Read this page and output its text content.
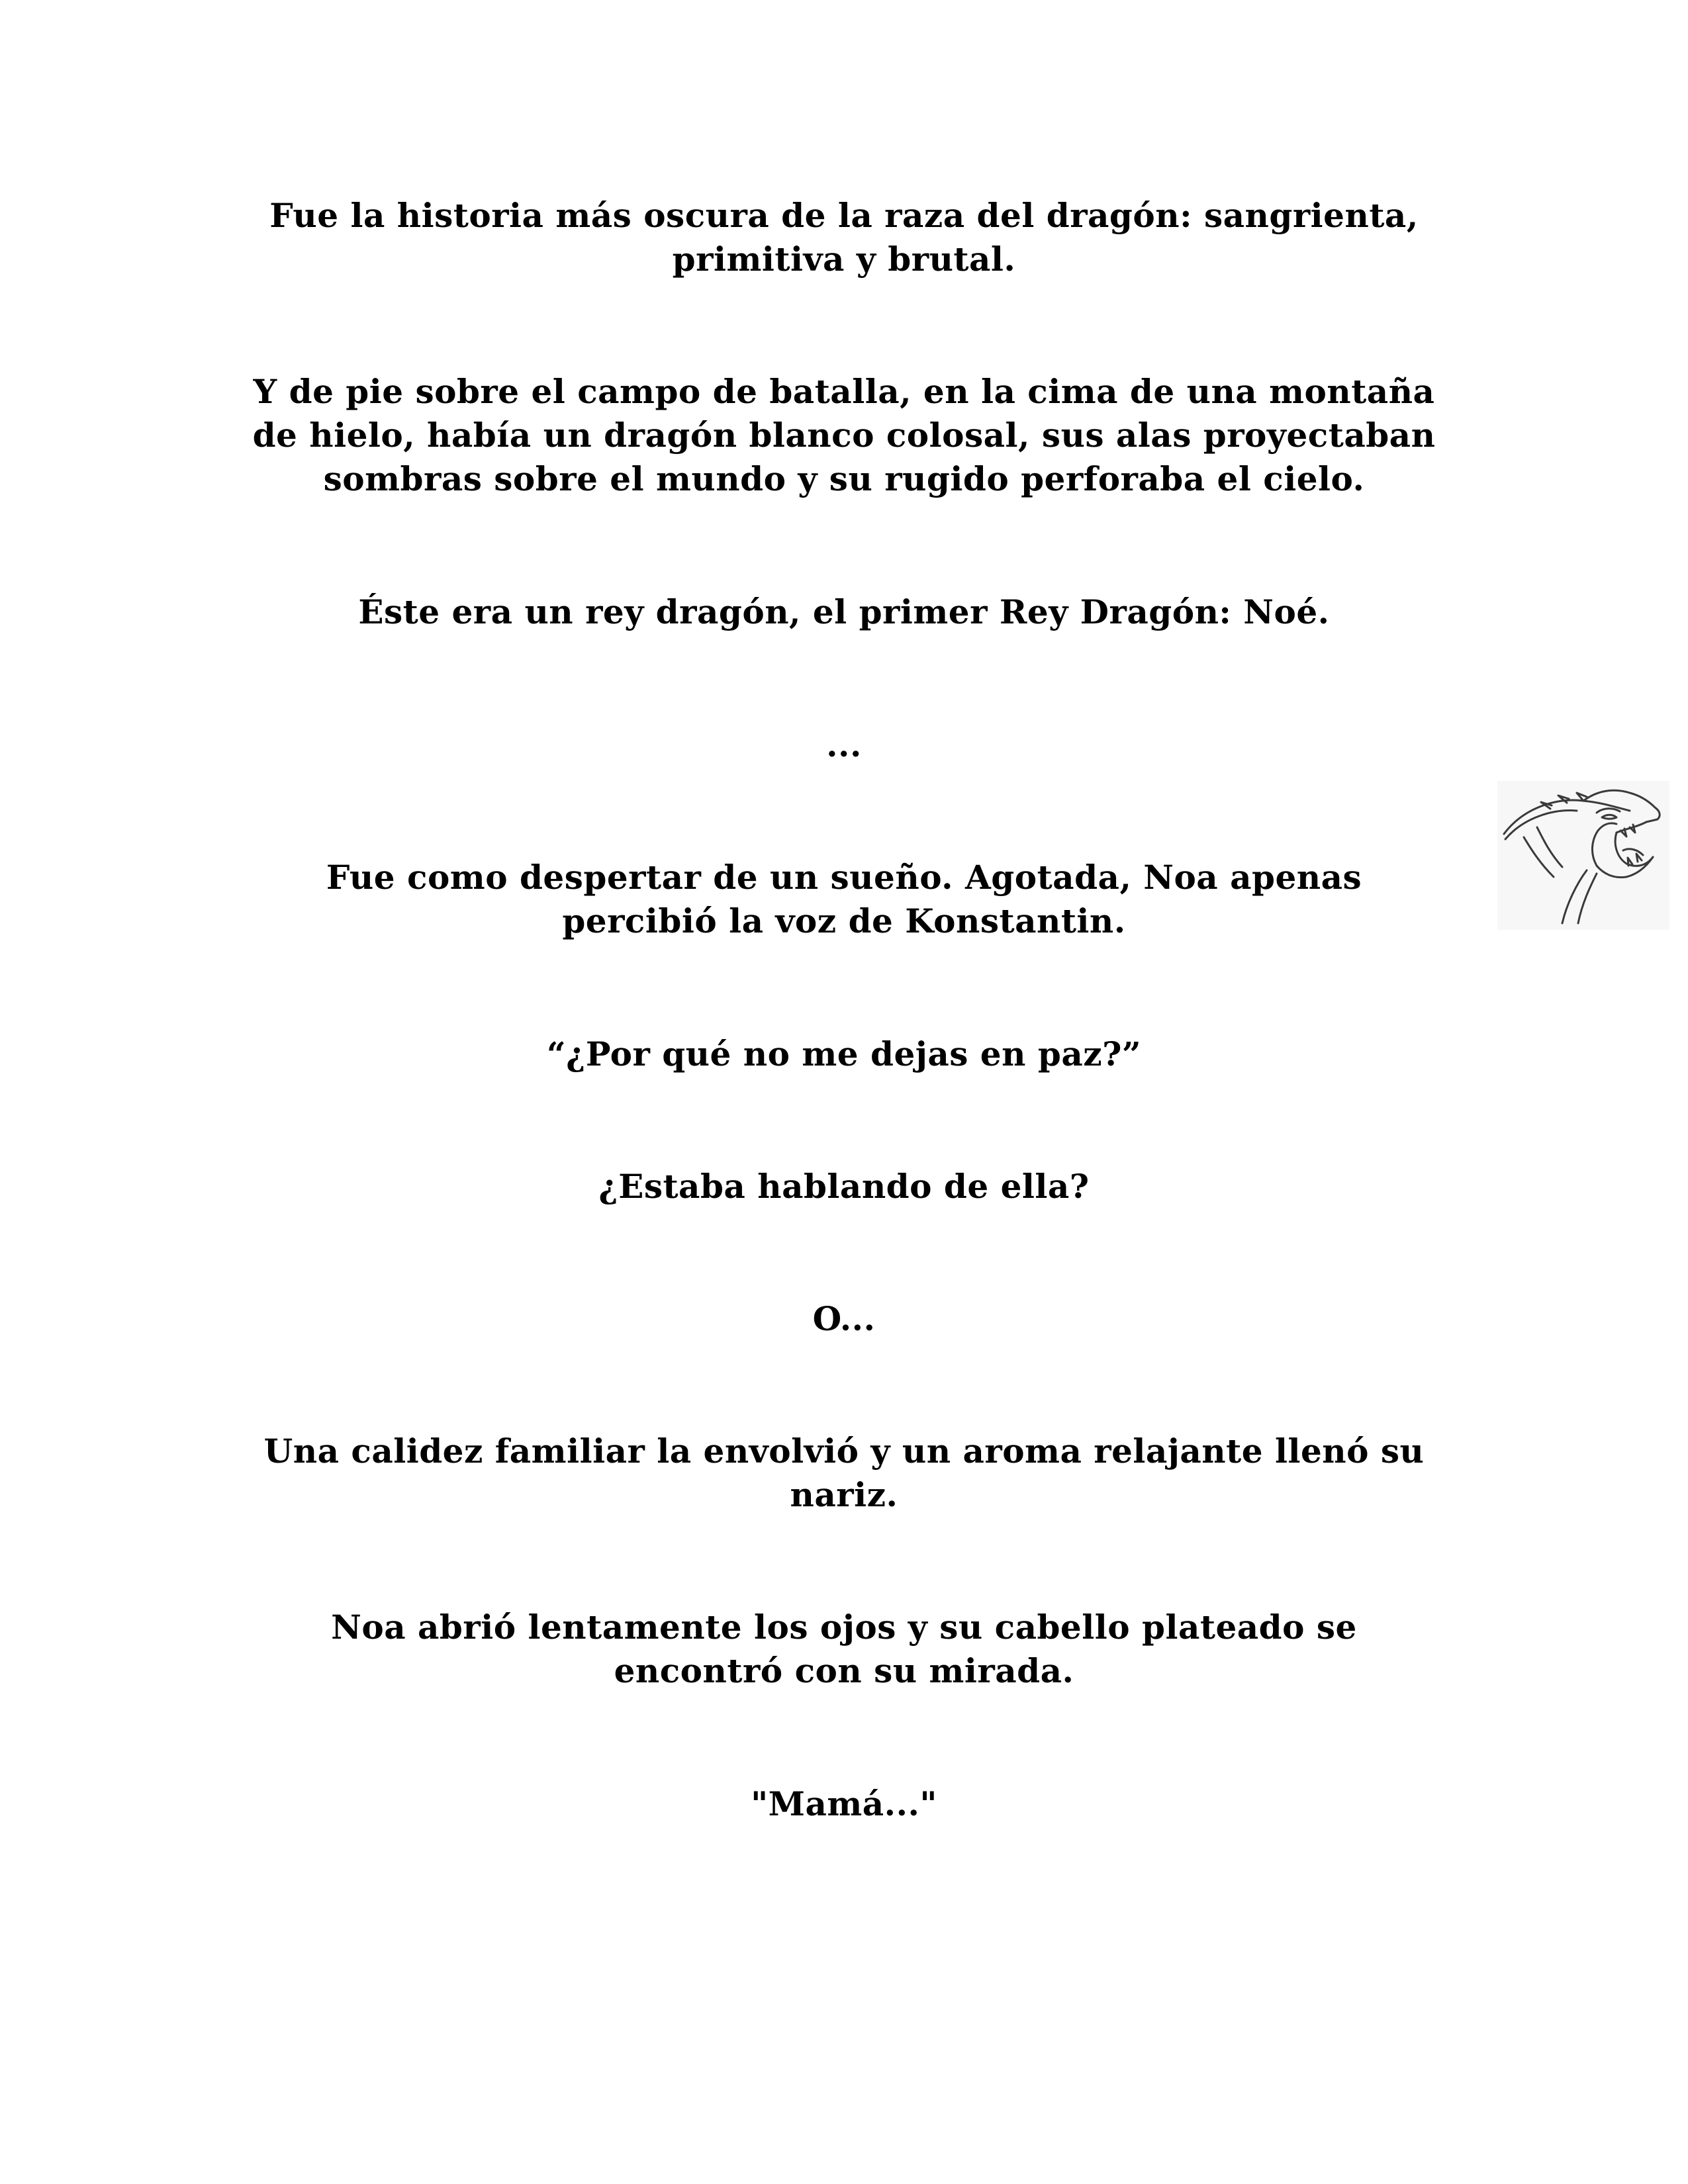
Fue la historia más oscura de la raza del dragón: sangrienta,
primitiva y brutal.

Y de pie sobre el campo de batalla, en la cima de una montaña
de hielo, había un dragón blanco colosal, sus alas proyectaban
sombras sobre el mundo y su rugido perforaba el cielo.

Éste era un rey dragón, el primer Rey Dragón: Noé.

...

Fue como despertar de un sueño. Agotada, Noa apenas
percibió la voz de Konstantin.

“¿Por qué no me dejas en paz?”

¿Estaba hablando de ella?

O...

Una calidez familiar la envolvió y un aroma relajante llenó su
nariz.

Noa abrió lentamente los ojos y su cabello plateado se
encontró con su mirada.

"Mamá..."
